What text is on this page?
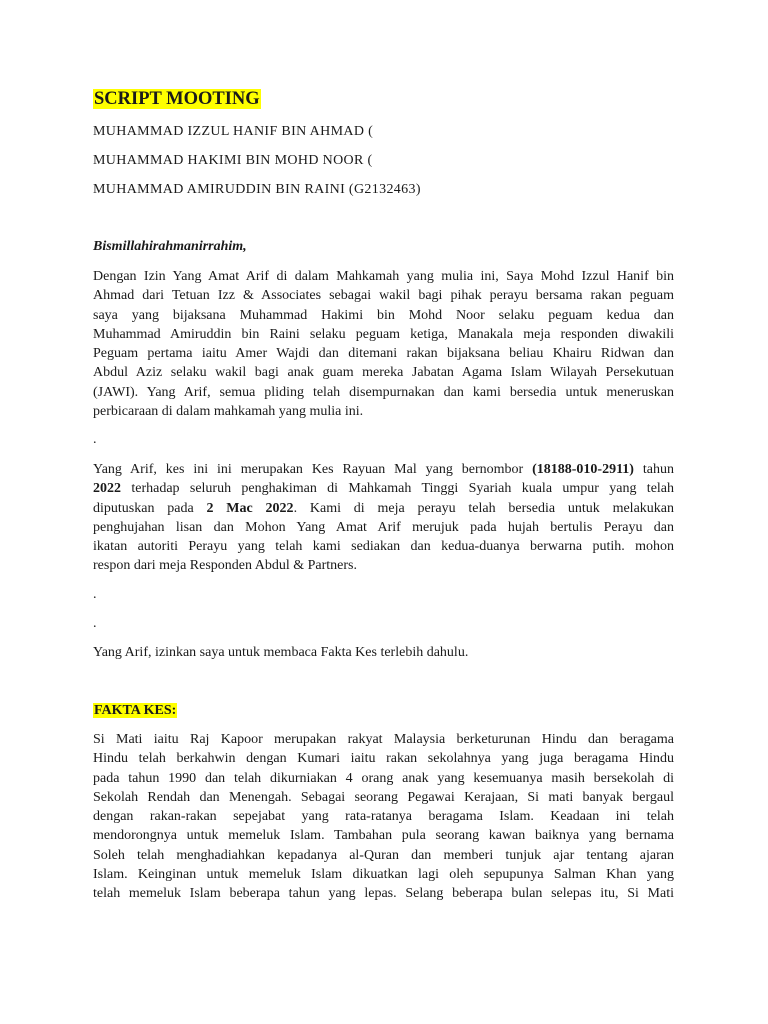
SCRIPT MOOTING

MUHAMMAD IZZUL HANIF BIN AHMAD (

MUHAMMAD HAKIMI BIN MOHD NOOR (

MUHAMMAD AMIRUDDIN BIN RAINI (G2132463)

Bismillahirahmanirrahim,

Dengan Izin Yang Amat Arif di dalam Mahkamah yang mulia ini, Saya Mohd Izzul Hanif bin
Ahmad dari Tetuan Izz & Associates sebagai wakil bagi pihak perayu bersama rakan peguam
saya yang bijaksana Muhammad Hakimi bin Mohd Noor selaku peguam kedua dan
Muhammad Amiruddin bin Raini selaku peguam ketiga, Manakala meja responden diwakili
Peguam pertama iaitu Amer Wajdi dan ditemani rakan bijaksana beliau Khairu Ridwan dan
Abdul Aziz selaku wakil bagi anak guam mereka Jabatan Agama Islam Wilayah Persekutuan
(JAWI). Yang Arif, semua pliding telah disempurnakan dan kami bersedia untuk meneruskan
perbicaraan di dalam mahkamah yang mulia ini.

.

Yang Arif, kes ini ini merupakan Kes Rayuan Mal yang bernombor (18188-010-2911) tahun
2022 terhadap seluruh penghakiman di Mahkamah Tinggi Syariah kuala umpur yang telah
diputuskan pada 2 Mac 2022. Kami di meja perayu telah bersedia untuk melakukan
penghujahan lisan dan Mohon Yang Amat Arif merujuk pada hujah bertulis Perayu dan
ikatan autoriti Perayu yang telah kami sediakan dan kedua-duanya berwarna putih. mohon
respon dari meja Responden Abdul & Partners.

.

.

Yang Arif, izinkan saya untuk membaca Fakta Kes terlebih dahulu.

FAKTA KES:

Si Mati iaitu Raj Kapoor merupakan rakyat Malaysia berketurunan Hindu dan beragama
Hindu telah berkahwin dengan Kumari iaitu rakan sekolahnya yang juga beragama Hindu
pada tahun 1990 dan telah dikurniakan 4 orang anak yang kesemuanya masih bersekolah di
Sekolah Rendah dan Menengah. Sebagai seorang Pegawai Kerajaan, Si mati banyak bergaul
dengan rakan-rakan sepejabat yang rata-ratanya beragama Islam. Keadaan ini telah
mendorongnya untuk memeluk Islam. Tambahan pula seorang kawan baiknya yang bernama
Soleh telah menghadiahkan kepadanya al-Quran dan memberi tunjuk ajar tentang ajaran
Islam. Keinginan untuk memeluk Islam dikuatkan lagi oleh sepupunya Salman Khan yang
telah memeluk Islam beberapa tahun yang lepas. Selang beberapa bulan selepas itu, Si Mati
